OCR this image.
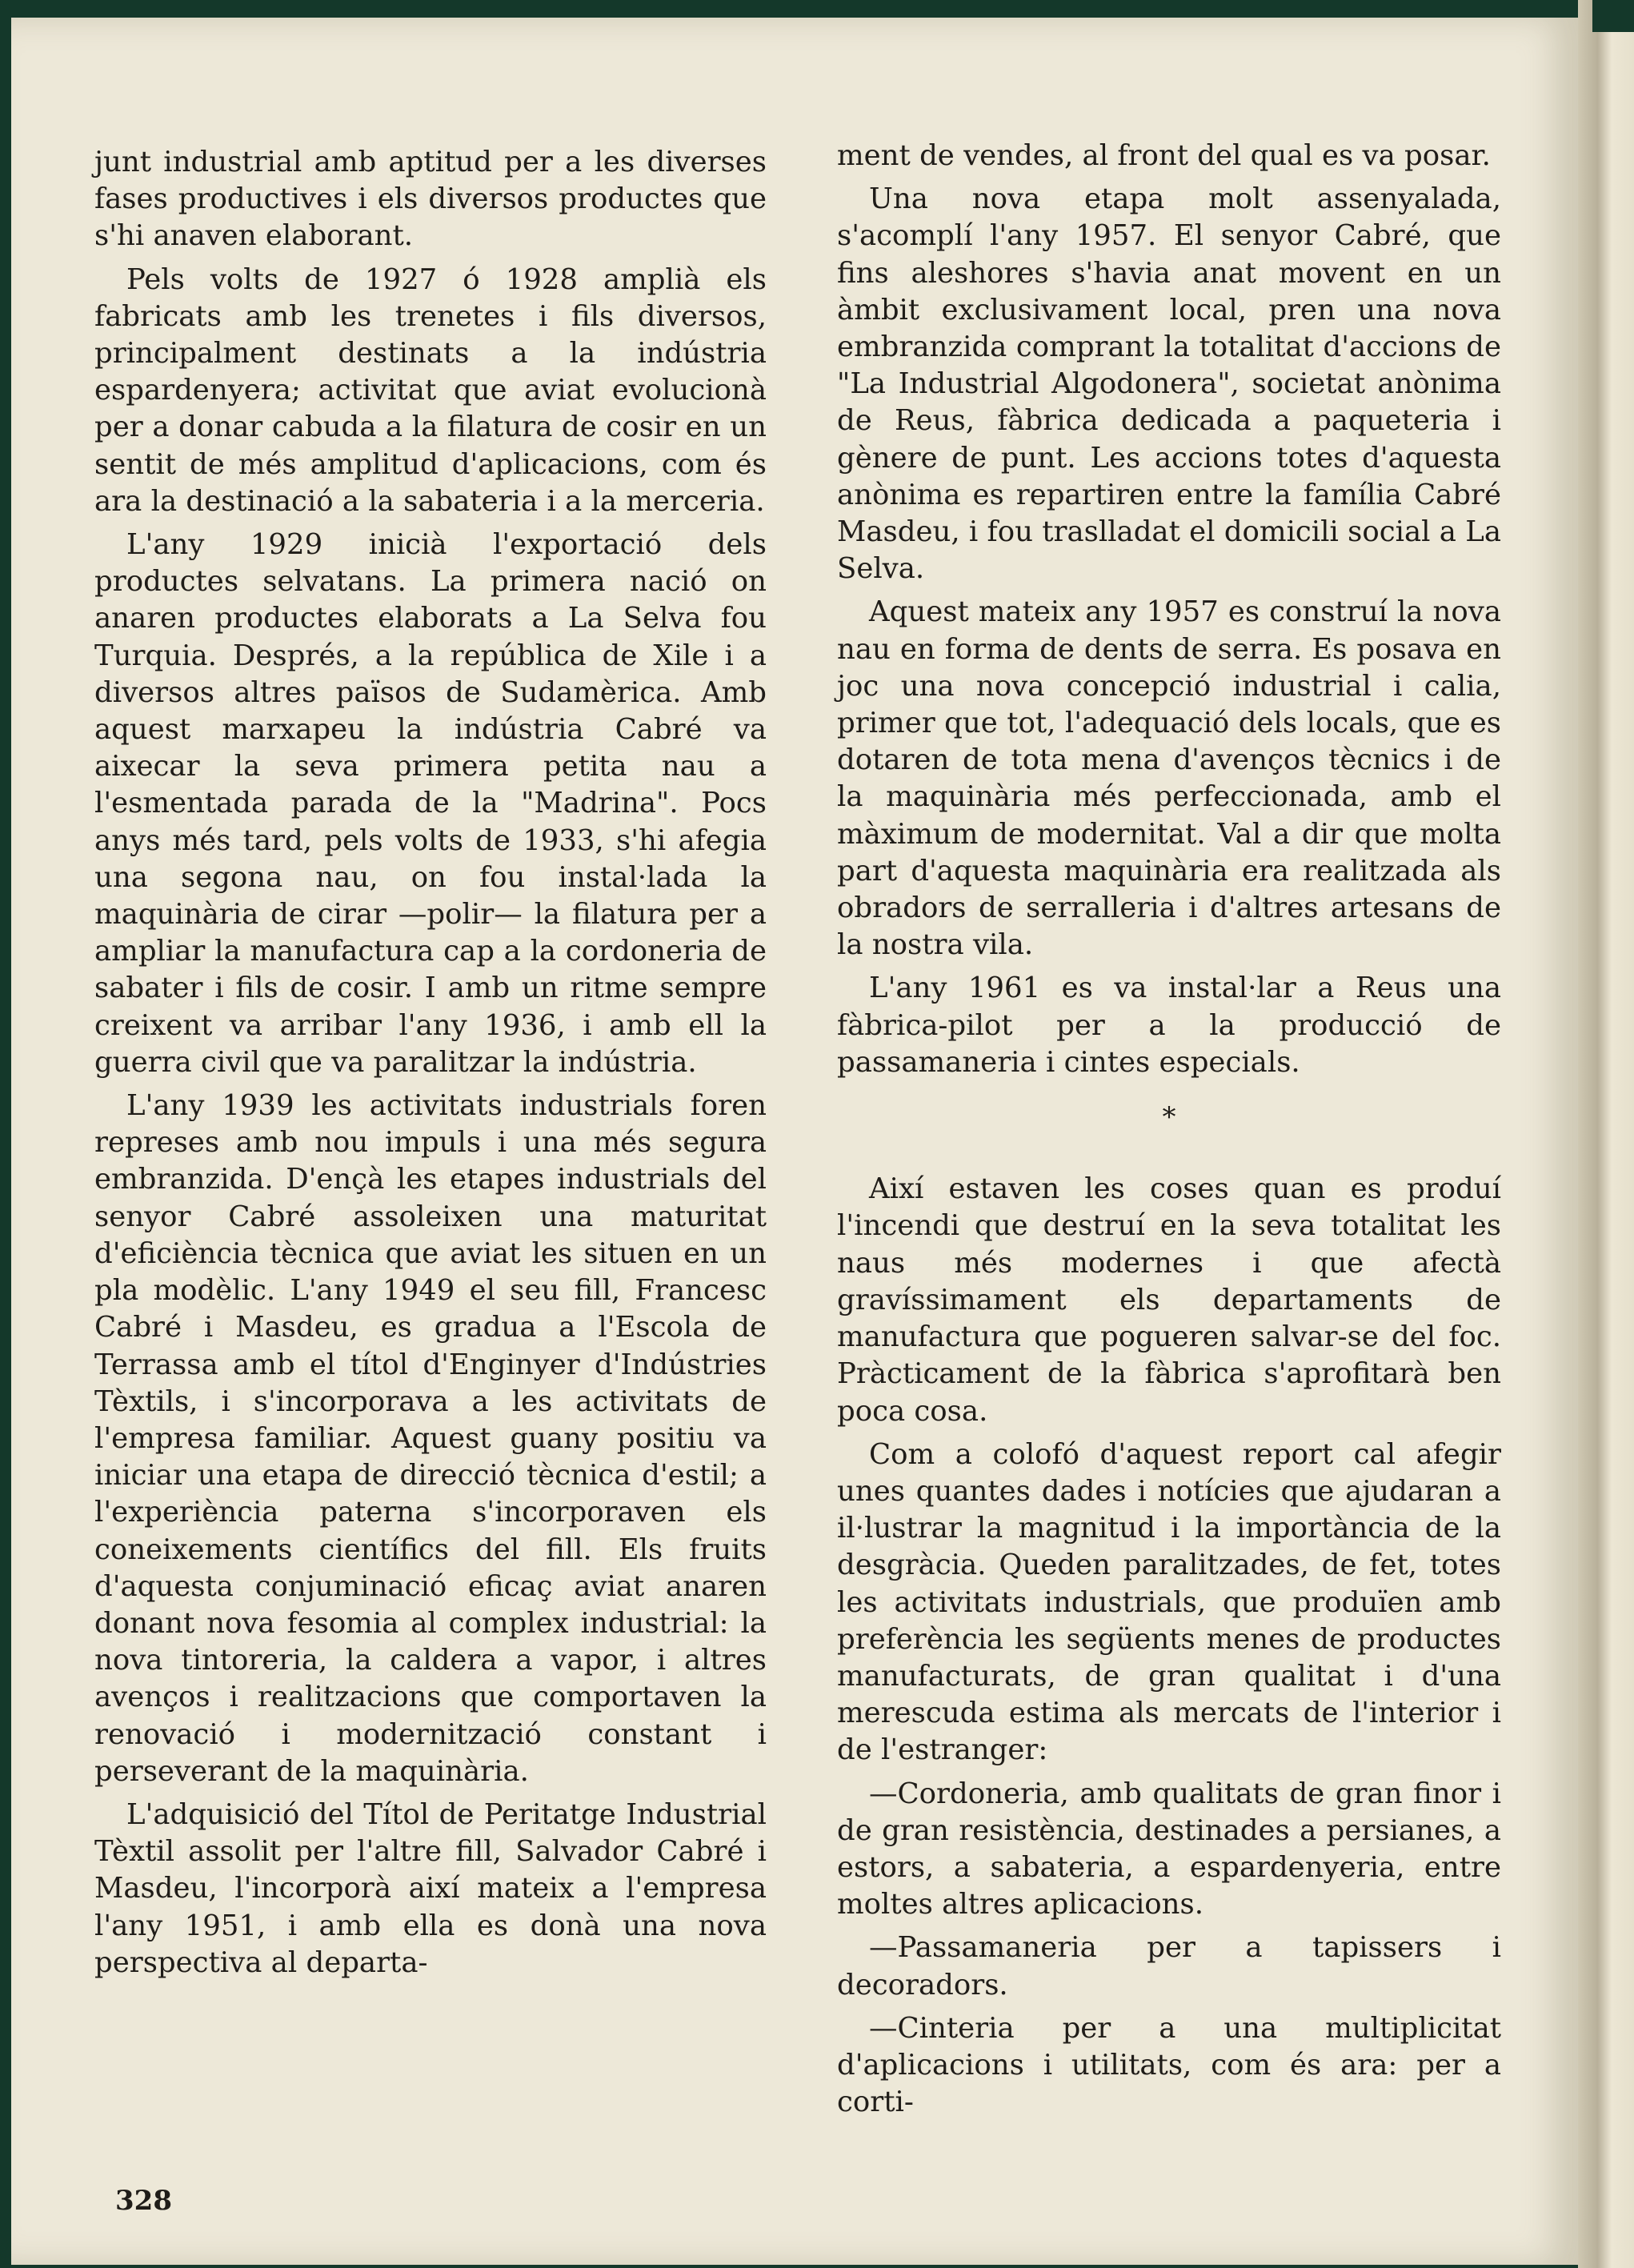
junt industrial amb aptitud per a les diverses fases productives i els diversos productes que s'hi anaven elaborant.

Pels volts de 1927 ó 1928 amplià els fabricats amb les trenetes i fils diversos, principalment destinats a la indústria espardenyera; activitat que aviat evolucionà per a donar cabuda a la filatura de cosir en un sentit de més amplitud d'aplicacions, com és ara la destinació a la sabateria i a la merceria.

L'any 1929 inicià l'exportació dels productes selvatans. La primera nació on anaren productes elaborats a La Selva fou Turquia. Després, a la república de Xile i a diversos altres països de Sudamèrica. Amb aquest marxapeu la indústria Cabré va aixecar la seva primera petita nau a l'esmentada parada de la "Madrina". Pocs anys més tard, pels volts de 1933, s'hi afegia una segona nau, on fou instal·lada la maquinària de cirar —polir— la filatura per a ampliar la manufactura cap a la cordoneria de sabater i fils de cosir. I amb un ritme sempre creixent va arribar l'any 1936, i amb ell la guerra civil que va paralitzar la indústria.

L'any 1939 les activitats industrials foren represes amb nou impuls i una més segura embranzida. D'ençà les etapes industrials del senyor Cabré assoleixen una maturitat d'eficiència tècnica que aviat les situen en un pla modèlic. L'any 1949 el seu fill, Francesc Cabré i Masdeu, es gradua a l'Escola de Terrassa amb el títol d'Enginyer d'Indústries Tèxtils, i s'incorporava a les activitats de l'empresa familiar. Aquest guany positiu va iniciar una etapa de direcció tècnica d'estil; a l'experiència paterna s'incorporaven els coneixements científics del fill. Els fruits d'aquesta conjuminació eficaç aviat anaren donant nova fesomia al complex industrial: la nova tintoreria, la caldera a vapor, i altres avenços i realitzacions que comportaven la renovació i modernització constant i perseverant de la maquinària.

L'adquisició del Títol de Peritatge Industrial Tèxtil assolit per l'altre fill, Salvador Cabré i Masdeu, l'incorporà així mateix a l'empresa l'any 1951, i amb ella es donà una nova perspectiva al departa-

ment de vendes, al front del qual es va posar.

Una nova etapa molt assenyalada, s'acomplí l'any 1957. El senyor Cabré, que fins aleshores s'havia anat movent en un àmbit exclusivament local, pren una nova embranzida comprant la totalitat d'accions de "La Industrial Algodonera", societat anònima de Reus, fàbrica dedicada a paqueteria i gènere de punt. Les accions totes d'aquesta anònima es repartiren entre la família Cabré Masdeu, i fou traslladat el domicili social a La Selva.

Aquest mateix any 1957 es construí la nova nau en forma de dents de serra. Es posava en joc una nova concepció industrial i calia, primer que tot, l'adequació dels locals, que es dotaren de tota mena d'avenços tècnics i de la maquinària més perfeccionada, amb el màximum de modernitat. Val a dir que molta part d'aquesta maquinària era realitzada als obradors de serralleria i d'altres artesans de la nostra vila.

L'any 1961 es va instal·lar a Reus una fàbrica-pilot per a la producció de passamaneria i cintes especials.

*

Així estaven les coses quan es produí l'incendi que destruí en la seva totalitat les naus més modernes i que afectà gravíssimament els departaments de manufactura que pogueren salvar-se del foc. Pràcticament de la fàbrica s'aprofitarà ben poca cosa.

Com a colofó d'aquest report cal afegir unes quantes dades i notícies que ajudaran a il·lustrar la magnitud i la importància de la desgràcia. Queden paralitzades, de fet, totes les activitats industrials, que produïen amb preferència les següents menes de productes manufacturats, de gran qualitat i d'una merescuda estima als mercats de l'interior i de l'estranger:

—Cordoneria, amb qualitats de gran finor i de gran resistència, destinades a persianes, a estors, a sabateria, a espardenyeria, entre moltes altres aplicacions.

—Passamaneria per a tapissers i decoradors.

—Cinteria per a una multiplicitat d'aplicacions i utilitats, com és ara: per a corti-

328
